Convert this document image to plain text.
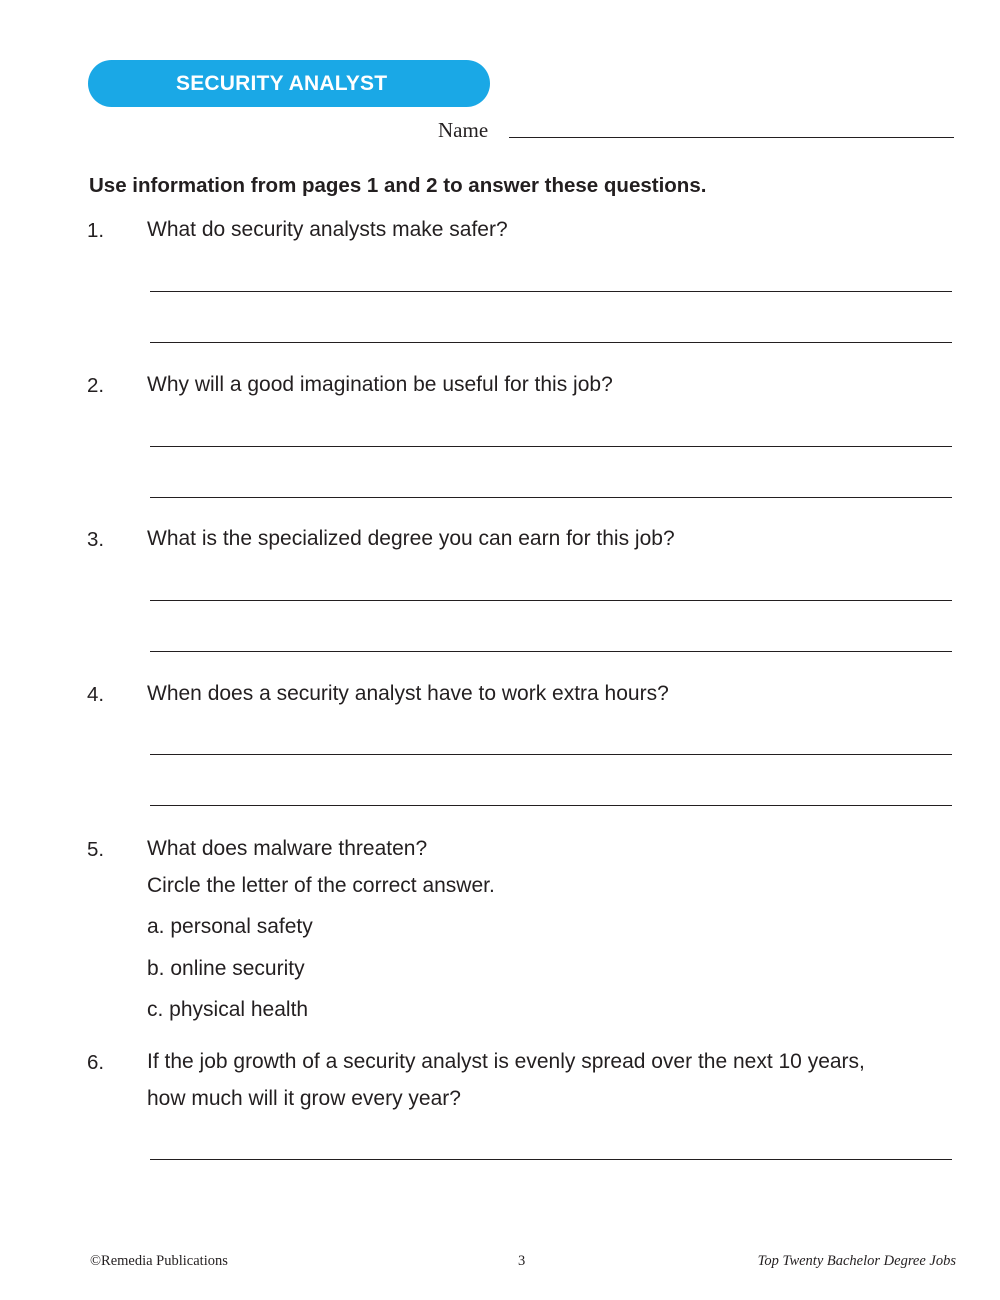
SECURITY ANALYST
Name
Use information from pages 1 and 2 to answer these questions.
1. What do security analysts make safer?
2. Why will a good imagination be useful for this job?
3. What is the specialized degree you can earn for this job?
4. When does a security analyst have to work extra hours?
5. What does malware threaten?
Circle the letter of the correct answer.
a. personal safety
b. online security
c. physical health
6. If the job growth of a security analyst is evenly spread over the next 10 years,
how much will it grow every year?
©Remedia Publications	3	Top Twenty Bachelor Degree Jobs
